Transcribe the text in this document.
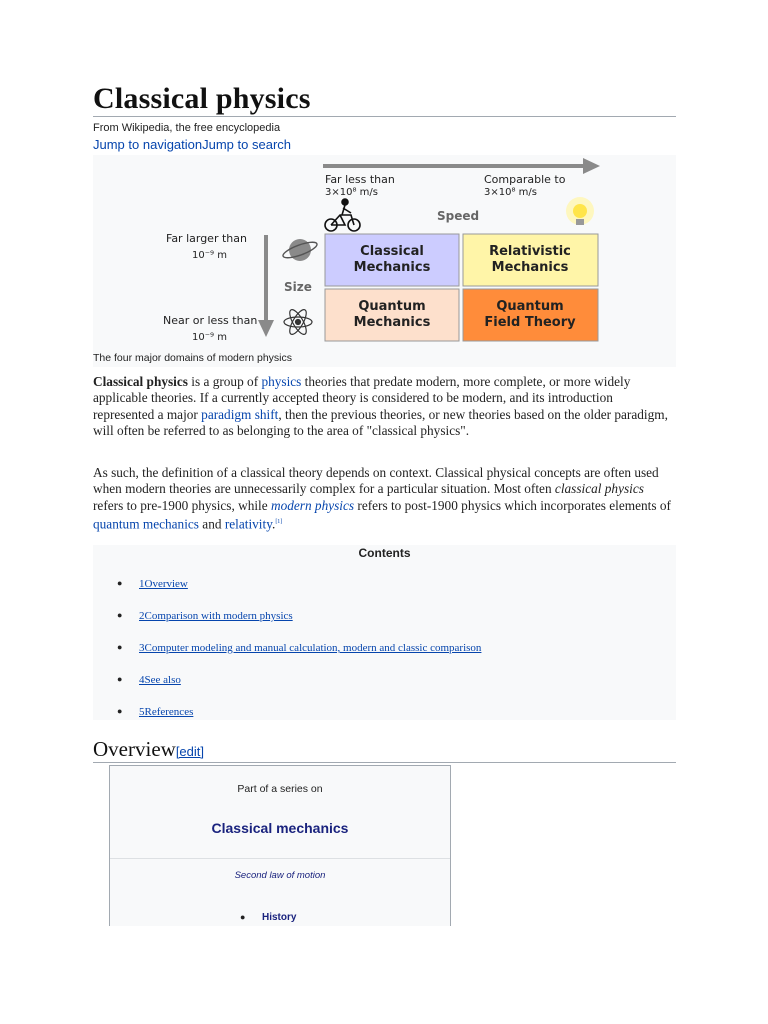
Classical physics
From Wikipedia, the free encyclopedia
Jump to navigationJump to search
Far less than
3×10⁸ m/s
Comparable to
3×10⁸ m/s
Speed
Far larger than
10⁻⁹ m
Size
Near or less than
10⁻⁹ m
Classical
Mechanics
Relativistic
Mechanics
Quantum
Mechanics
Quantum
Field Theory
The four major domains of modern physics

Classical physics is a group of physics theories that predate modern, more complete, or more widely applicable theories. If a currently accepted theory is considered to be modern, and its introduction represented a major paradigm shift, then the previous theories, or new theories based on the older paradigm, will often be referred to as belonging to the area of "classical physics".

As such, the definition of a classical theory depends on context. Classical physical concepts are often used when modern theories are unnecessarily complex for a particular situation. Most often classical physics refers to pre-1900 physics, while modern physics refers to post-1900 physics which incorporates elements of quantum mechanics and relativity.[1]

Contents
● 1Overview
● 2Comparison with modern physics
● 3Computer modeling and manual calculation, modern and classic comparison
● 4See also
● 5References
Overview[edit]
Part of a series on
Classical mechanics
Second law of motion
● History
